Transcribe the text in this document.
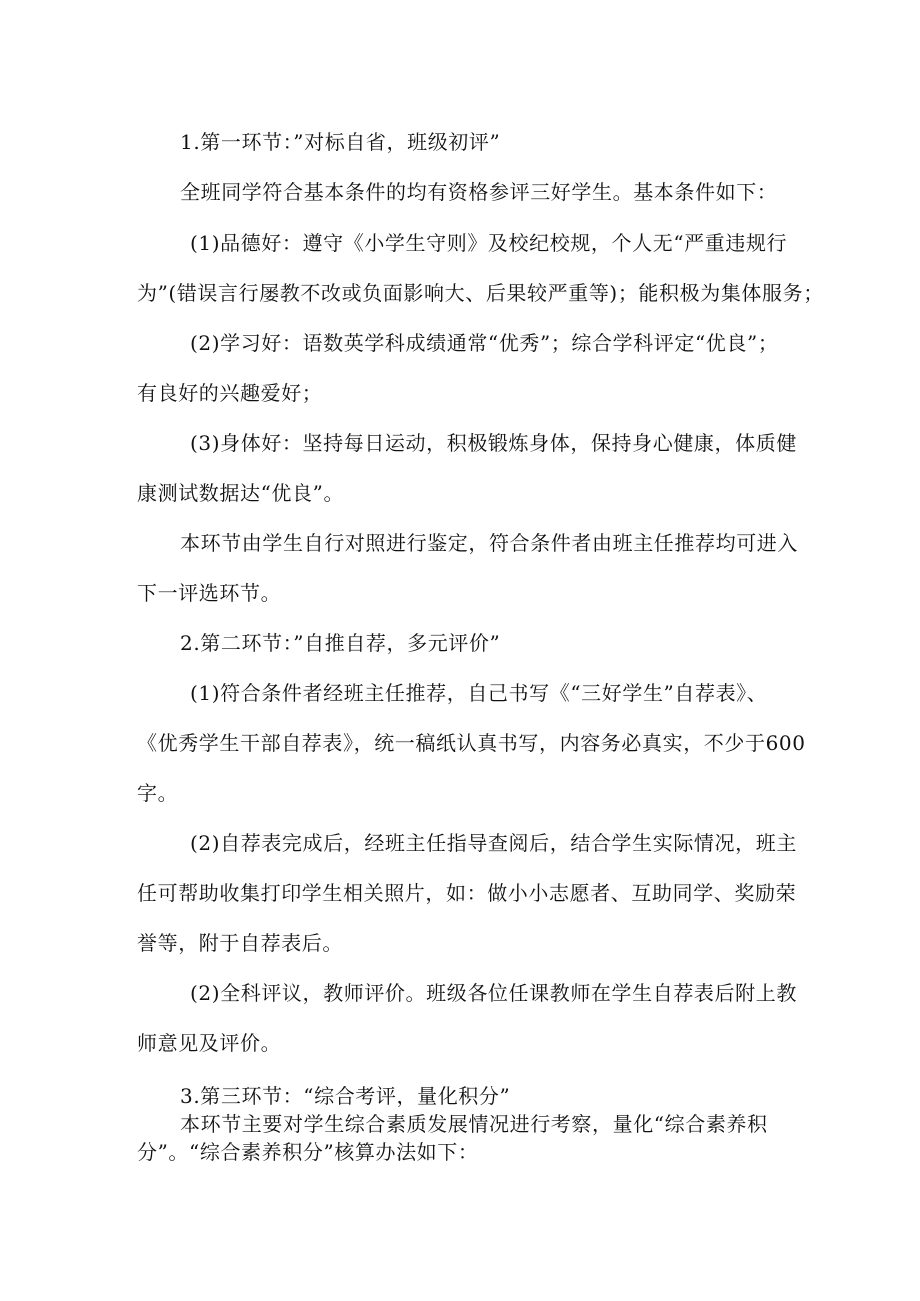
1.第一环节：”对标自省，班级初评”
全班同学符合基本条件的均有资格参评三好学生。基本条件如下：
(1)品德好：遵守《小学生守则》及校纪校规，个人无“严重违规行
为”(错误言行屡教不改或负面影响大、后果较严重等)；能积极为集体服务；
(2)学习好：语数英学科成绩通常“优秀”；综合学科评定“优良”；
有良好的兴趣爱好；
(3)身体好：坚持每日运动，积极锻炼身体，保持身心健康，体质健
康测试数据达“优良”。
本环节由学生自行对照进行鉴定，符合条件者由班主任推荐均可进入
下一评选环节。
2.第二环节：”自推自荐，多元评价”
(1)符合条件者经班主任推荐，自己书写《“三好学生”自荐表》、
《优秀学生干部自荐表》，统一稿纸认真书写，内容务必真实，不少于600
字。
(2)自荐表完成后，经班主任指导查阅后，结合学生实际情况，班主
任可帮助收集打印学生相关照片，如：做小小志愿者、互助同学、奖励荣
誉等，附于自荐表后。
(2)全科评议，教师评价。班级各位任课教师在学生自荐表后附上教
师意见及评价。
3.第三环节：“综合考评，量化积分”
本环节主要对学生综合素质发展情况进行考察，量化“综合素养积
分”。“综合素养积分”核算办法如下：
